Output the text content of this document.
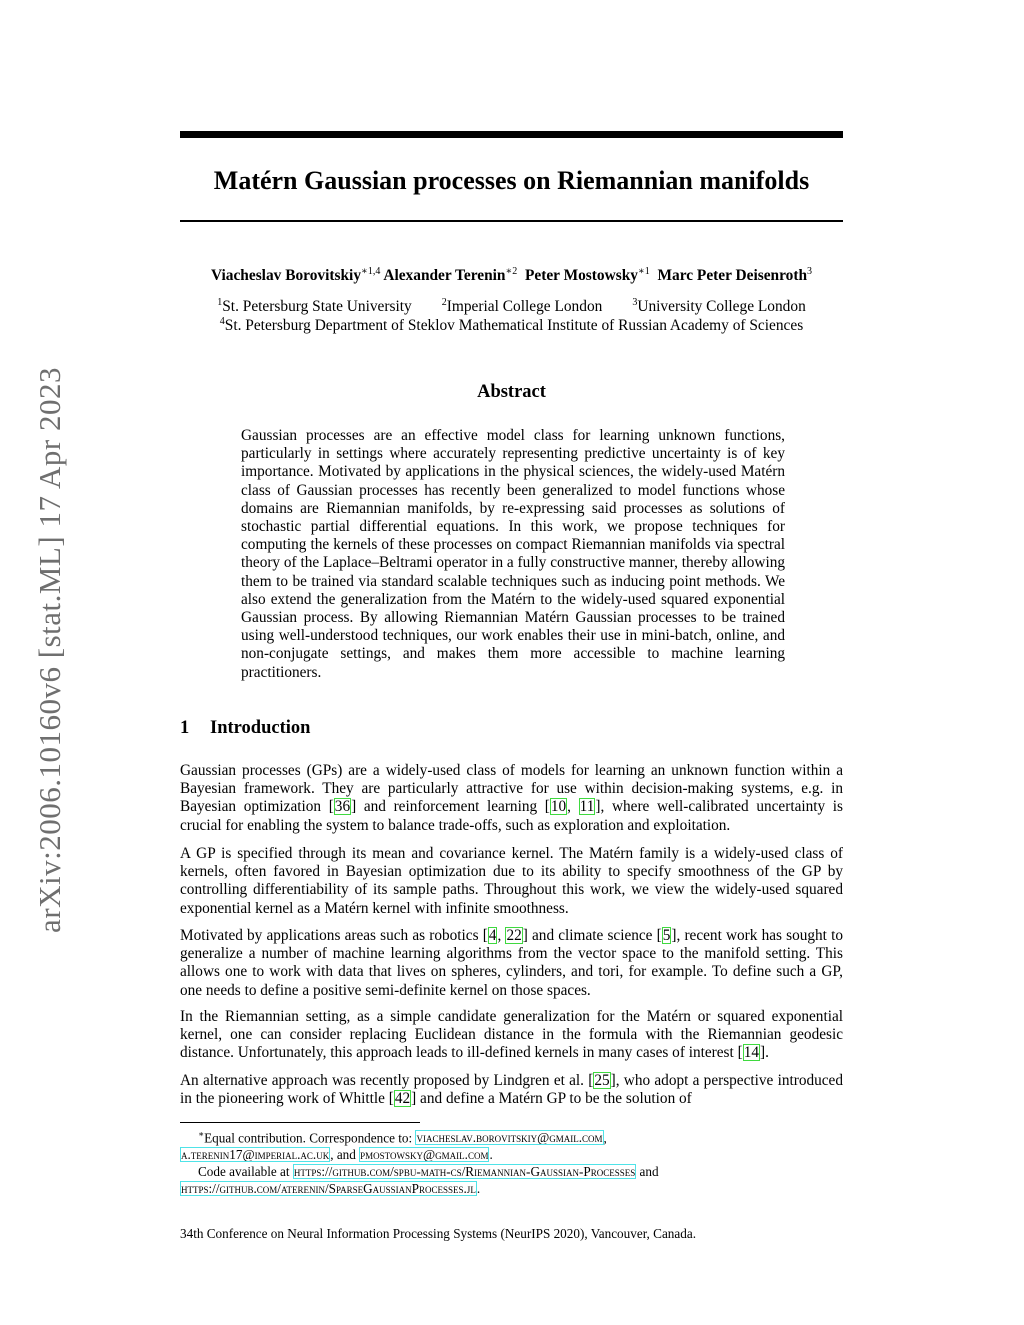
arXiv:2006.10160v6 [stat.ML] 17 Apr 2023
Matérn Gaussian processes on Riemannian manifolds
Viacheslav Borovitskiy$^{∗1,4}$ Alexander Terenin$^{∗2}$ Peter Mostowsky$^{∗1}$ Marc Peter Deisenroth$^3$
$^1$St. Petersburg State University	$^2$Imperial College London	$^3$University College London
$^4$St. Petersburg Department of Steklov Mathematical Institute of Russian Academy of Sciences
Abstract
Gaussian processes are an effective model class for learning unknown functions, particularly in settings where accurately representing predictive uncertainty is of key importance. Motivated by applications in the physical sciences, the widely-used Matérn class of Gaussian processes has recently been generalized to model functions whose domains are Riemannian manifolds, by re-expressing said processes as solutions of stochastic partial differential equations. In this work, we propose techniques for computing the kernels of these processes on compact Riemannian manifolds via spectral theory of the Laplace–Beltrami operator in a fully constructive manner, thereby allowing them to be trained via standard scalable techniques such as inducing point methods. We also extend the generalization from the Matérn to the widely-used squared exponential Gaussian process. By allowing Riemannian Matérn Gaussian processes to be trained using well-understood techniques, our work enables their use in mini-batch, online, and non-conjugate settings, and makes them more accessible to machine learning practitioners.
1 Introduction
Gaussian processes (GPs) are a widely-used class of models for learning an unknown function within a Bayesian framework. They are particularly attractive for use within decision-making systems, e.g. in Bayesian optimization [36] and reinforcement learning [10, 11], where well-calibrated uncertainty is crucial for enabling the system to balance trade-offs, such as exploration and exploitation.
A GP is specified through its mean and covariance kernel. The Matérn family is a widely-used class of kernels, often favored in Bayesian optimization due to its ability to specify smoothness of the GP by controlling differentiability of its sample paths. Throughout this work, we view the widely-used squared exponential kernel as a Matérn kernel with infinite smoothness.
Motivated by applications areas such as robotics [4, 22] and climate science [5], recent work has sought to generalize a number of machine learning algorithms from the vector space to the manifold setting. This allows one to work with data that lives on spheres, cylinders, and tori, for example. To define such a GP, one needs to define a positive semi-definite kernel on those spaces.
In the Riemannian setting, as a simple candidate generalization for the Matérn or squared exponential kernel, one can consider replacing Euclidean distance in the formula with the Riemannian geodesic distance. Unfortunately, this approach leads to ill-defined kernels in many cases of interest [14].
An alternative approach was recently proposed by Lindgren et al. [25], who adopt a perspective introduced in the pioneering work of Whittle [42] and define a Matérn GP to be the solution of
∗Equal contribution. Correspondence to: viacheslav.borovitskiy@gmail.com,
a.terenin17@imperial.ac.uk, and pmostowsky@gmail.com.
Code available at https://github.com/spbu-math-cs/Riemannian-Gaussian-Processes and
https://github.com/aterenin/SparseGaussianProcesses.jl.
34th Conference on Neural Information Processing Systems (NeurIPS 2020), Vancouver, Canada.
